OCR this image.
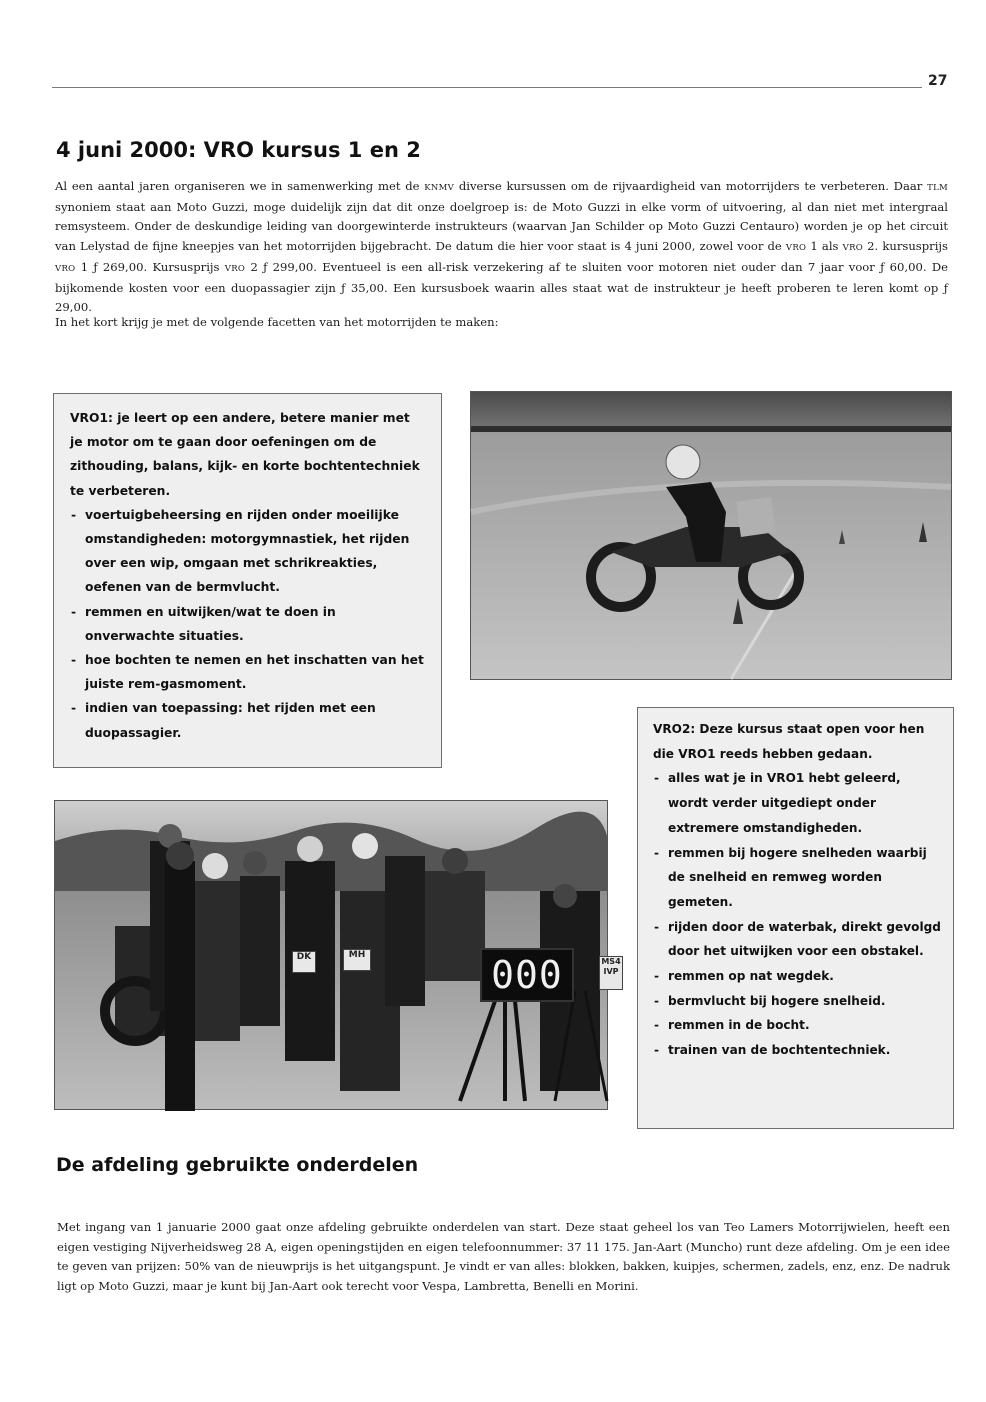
27
4 juni 2000: VRO kursus 1 en 2

Al een aantal jaren organiseren we in samenwerking met de KNMV diverse kursussen om de rijvaardigheid van motorrijders te verbeteren. Daar TLM synoniem staat aan Moto Guzzi, moge duidelijk zijn dat dit onze doelgroep is: de Moto Guzzi in elke vorm of uitvoering, al dan niet met intergraal remsysteem. Onder de deskundige leiding van doorgewinterde instrukteurs (waarvan Jan Schilder op Moto Guzzi Centauro) worden je op het circuit van Lelystad de fijne kneepjes van het motorrijden bijgebracht. De datum die hier voor staat is 4 juni 2000, zowel voor de VRO 1 als VRO 2. kursusprijs VRO 1 ƒ 269,00. Kursusprijs VRO 2 ƒ 299,00. Eventueel is een all-risk verzekering af te sluiten voor motoren niet ouder dan 7 jaar voor ƒ 60,00. De bijkomende kosten voor een duopassagier zijn ƒ 35,00. Een kursusboek waarin alles staat wat de instrukteur je heeft proberen te leren komt op ƒ 29,00.

In het kort krijg je met de volgende facetten van het motorrijden te maken:

VRO1: je leert op een andere, betere manier met je motor om te gaan door oefeningen om de zithouding, balans, kijk- en korte bochtentechniek te verbeteren.

- voertuigbeheersing en rijden onder moeilijke omstandigheden: motorgymnastiek, het rijden over een wip, omgaan met schrikreakties, oefenen van de bermvlucht.
- remmen en uitwijken/wat te doen in onverwachte situaties.
- hoe bochten te nemen en het inschatten van het juiste rem-gasmoment.
- indien van toepassing: het rijden met een duopassagier.	VRO2: Deze kursus staat open voor hen die VRO1 reeds hebben gedaan.

- alles wat je in VRO1 hebt geleerd, wordt verder uitgediept onder extremere omstandigheden.
- remmen bij hogere snelheden waarbij de snelheid en remweg worden gemeten.
- rijden door de waterbak, direkt gevolgd door het uitwijken voor een obstakel.
- remmen op nat wegdek.
- bermvlucht bij hogere snelheid.
- remmen in de bocht.
- trainen van de bochtentechniek.
000
DK	MH
MS4 IVP
De afdeling gebruikte onderdelen

Met ingang van 1 januarie 2000 gaat onze afdeling gebruikte onderdelen van start. Deze staat geheel los van Teo Lamers Motorrijwielen, heeft een eigen vestiging Nijverheidsweg 28 A, eigen openingstijden en eigen telefoonnummer: 37 11 175. Jan-Aart (Muncho) runt deze afdeling. Om je een idee te geven van prijzen: 50% van de nieuwprijs is het uitgangspunt. Je vindt er van alles: blokken, bakken, kuipjes, schermen, zadels, enz, enz. De nadruk ligt op Moto Guzzi, maar je kunt bij Jan-Aart ook terecht voor Vespa, Lambretta, Benelli en Morini.
